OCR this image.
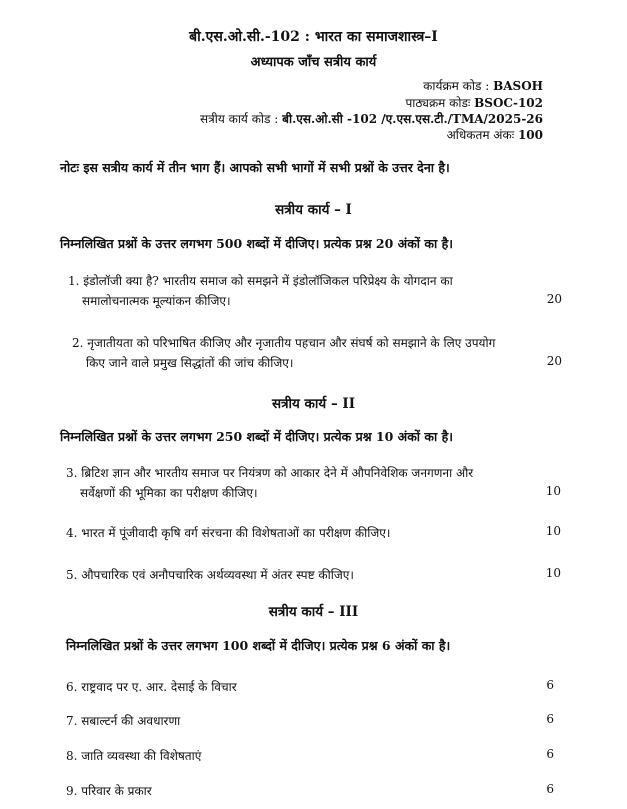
बी.एस.ओ.सी.-102 : भारत का समाजशास्त्र–I
अध्यापक जाँच सत्रीय कार्य
कार्यक्रम कोड : BASOH
पाठ्यक्रम कोडः BSOC-102
सत्रीय कार्य कोड : बी.एस.ओ.सी -102 /ए.एस.एस.टी./TMA/2025-26
अधिकतम अंकः 100
नोटः इस सत्रीय कार्य में तीन भाग हैं। आपको सभी भागों में सभी प्रश्नों के उत्तर देना है।
सत्रीय कार्य – I
निम्नलिखित प्रश्नों के उत्तर लगभग 500 शब्दों में दीजिए। प्रत्येक प्रश्न 20 अंकों का है।
1. इंडोलॉजी क्या है? भारतीय समाज को समझने में इंडोलॉजिकल परिप्रेक्ष्य के योगदान का
समालोचनात्मक मूल्यांकन कीजिए।	20
2. नृजातीयता को परिभाषित कीजिए और नृजातीय पहचान और संघर्ष को समझाने के लिए उपयोग
किए जाने वाले प्रमुख सिद्धांतों की जांच कीजिए।	20
सत्रीय कार्य – II
निम्नलिखित प्रश्नों के उत्तर लगभग 250 शब्दों में दीजिए। प्रत्येक प्रश्न 10 अंकों का है।
3. ब्रिटिश ज्ञान और भारतीय समाज पर नियंत्रण को आकार देने में औपनिवेशिक जनगणना और
सर्वेक्षणों की भूमिका का परीक्षण कीजिए।	10
4. भारत में पूंजीवादी कृषि वर्ग संरचना की विशेषताओं का परीक्षण कीजिए।	10
5. औपचारिक एवं अनौपचारिक अर्थव्यवस्था में अंतर स्पष्ट कीजिए।	10
सत्रीय कार्य – III
निम्नलिखित प्रश्नों के उत्तर लगभग 100 शब्दों में दीजिए। प्रत्येक प्रश्न 6 अंकों का है।
6. राष्ट्रवाद पर ए. आर. देसाई के विचार	6
7. सबाल्टर्न की अवधारणा	6
8. जाति व्यवस्था की विशेषताएं	6
9. परिवार के प्रकार	6
